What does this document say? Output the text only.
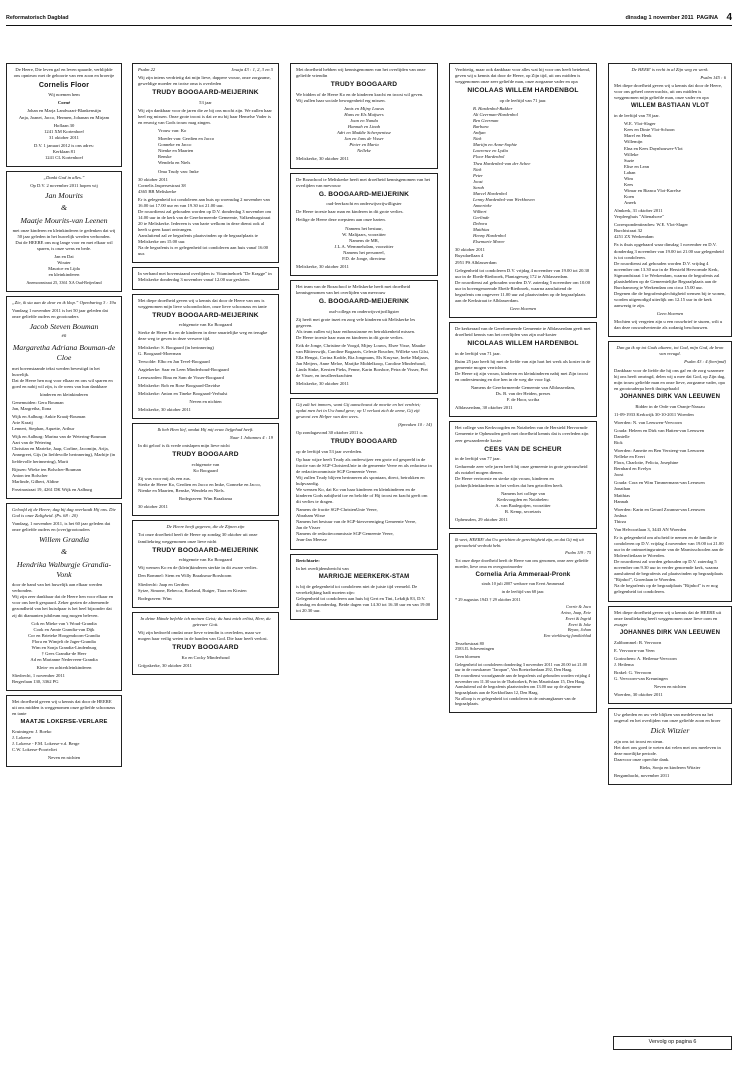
Reformatorisch Dagblad	dinsdag 1 november 2011 PAGINA 4

De Heere, Die leven gaf en leven spaarde, verblijdde ons opnieuw met de geboorte van een zoon en broertje

Cornelis Floor

Wij noemen hem

Corné

Johan en Marja Landwaart-Blankenstijn
Anja, Joanet, Jacco, Hermen, Johanan en Mirjam

Hoflaan 30
1241 XM Kortenhoef
31 oktober 2011

D.V. 1 januari 2012 is ons adres:
Kerklaan 81
1241 CL Kortenhoef

„Dankt God in alles.”

Op D.V. 2 november 2011 hopen wij

Jan Mourits
&
Maatje Mourits-van Leenen

met onze kinderen en kleinkinderen te gedenken dat wij 50 jaar geleden in het huwelijk werden verbonden.
Dat de HEERE ons nog lange voor en met elkaar wil sparen, is onze wens en bede.

Jan en Dai
Wouter
Maurice en Lijda
en kleinkinderen

Anemoonstraat 25, 3361 XA Oud-Beijerland

„Zie, ik sta aan de deur en ik klop.” Openbaring 3 : 19a

Vandaag 1 november 2011 is het 50 jaar geleden dat onze geliefde ouders en grootouders

Jacob Steven Bouman
en
Margaretha Adriana Bouman-de Cloe

met bovenstaande tekst werden bevestigd in het huwelijk.
Dat de Heere hen nog voor elkaar en ons wil sparen en goed en nabij wil zijn, is de wens van hun dankbare

kinderen en kleinkinderen

Genemuiden: Gera Bouman
Jan, Margretha, Ilona

Wijk en Aalburg: Ankie Kraaij-Bouman
Arie Kraaij
Lennert, Stephan, Aquette, Arthur

Wijk en Aalburg: Marina van de Wetering-Bouman
Aart van de Wetering
Christian en Marieke, Jaap, Corline, Jacomijn, Arija, Annegreet, Gijs (in liefdevolle herinnering), Marhije (in liefdevolle herinnering), Marit

Rijssen: Wieke ten Bolscher-Bouman
Anton ten Bolscher
Marlinde, Gilbert, Aldine

Frezinastraat 19, 4261 DK Wijk en Aalburg

Geloofd zij de Heere; dag bij dag overlaadt Hij ons. Die God is onze Zaligheid. (Ps. 68 : 20)

Vandaag, 1 november 2011, is het 60 jaar geleden dat onze geliefde ouders en (over)grootouders

Willem Grandia
&
Hendrika Walburgje Grandia-Vonk

door de band van het huwelijk aan elkaar werden verbonden.
Wij zijn zeer dankbaar dat de Heere hen voor elkaar en voor ons heeft gespaard. Zeker gezien de afnemende gezondheid van het huisdpaar is het heel bijzonder dat zij dit diamanten jubileum nog mogen beleven.

Cok en Mieke van 't Woud-Grandia
Cook en Annie Grandia-van Dijk
Cor en Brieteke Hoogendoorn-Grandia
Flora en Wimjelt de Jager-Grandia
Wim en Sonja Grandia-Lindenburg
† Gees Grandia-de Heer
Ad en Marianne Nederveen-Grandia

Klein- en achterkleinkinderen

Sliedrecht, 1 november 2011
Bergerlaan 130, 3362 PG

Met droefheid geven wij u kennis dat door de HEERE uit ons midden is weggenomen onze geliefde schoonzus en tante

MAATJE LOKERSE-VERLARE

Kruiningen: J. Boeko
J. Lokerse
J. Lokerse - F.M. Lokerse-v.d. Berge
C.W. Lokerse-Poortvliet

Neven en nichten

Psalm 22	Jesaja 43 : 1, 2, 3 en 5

Wij zijn intens verdrietig dat mijn lieve, dappere vrouw, onze zorgzame, geweldige moeder en trotse oma is overleden

TRUDY BOOGAARD-MEIJERINK

53 jaar

Wij zijn dankbaar voor de jaren die ze bij ons mocht zijn. We zullen haar heel erg missen. Onze grote troost is dat ze nu bij haar Hemelse Vader is en eeuwig van Gods trouw mag zingen.

Vrouw van: Ko

Moeder van: Gerdien en Jacco
Gonneke en Jacco
Nienke en Maarten
Renske
Wendela en Niels

Oma Trudy van: Imke

30 oktober 2011
Cornelis Jaspersestraat 38
4365 BB Meliskerke

Er is gelegenheid tot condoleren aan huis op woensdag 2 november van 16.00 tot 17.00 uur en van 19.30 tot 21.00 uur.
De rouwdienst zal gehouden worden op D.V. donderdag 3 november om 14.00 uur in de kerk van de Gereformeerde Gemeente, Valkenburgstraat 20 te Meliskerke. Iedereen is van harte welkom in deze dienst ook al heeft u geen kaart ontvangen.
Aansluitend zal ze begrafenis plaatsvinden op de begraafplaats te Meliskerke om 15.00 uur.
Na de begrafenis is er gelegenheid tot condoleren aan huis vanaf 16.00 uur.

In verband met bovenstaand overlijden is: Vitaminehoek "De Kragge" in Meliskerke donderdag 3 november vanaf 12.00 uur gesloten.

Met diepe droefheid geven wij u kennis dat door de Heere van ons is weggenomen mijn lieve schoondochter, onze lieve schoonzus en tante

TRUDY BOOGAARD-MEIJERINK

echtgenote van Ko Boogaard

Sterke de Heere Ko en de kinderen in deze smartelijke weg en terugke deze weg te geven in deze verwere tijd.

Meliskerke: S. Boogaard (in herinnering)
G. Boogaard-Moerman

Terwolde: Elbo en Jan Tevel-Boogaard

Aagtekerke: Saar en Leen Minderhoud-Boogaard

Leeuwarden: Bina en Sam de Visser-Boogaard

Meliskerke: Rob en Rose Boogaard-Davidse

Meliskerke: Anton en Tineke Boogaard-Verhulst

Neven en nichten

Meliskerke, 30 oktober 2011

Ik heb Hem lief, omdat Hij mij eeuw liefgehad heeft.

Naar 1 Johannes 4 : 19

In dit geloof is ik vrede ontslapen mijn lieve nicht

TRUDY BOOGAARD

echtgenote van
Ko Boogaard

Zij was voor mij als een zus.
Sterke de Heere Ko, Gerdien en Jacco en Imke, Gonneke en Jacco, Nienke en Maarten, Renske, Wendela en Niels.

Bodegraven: Wim Braaksma

30 oktober 2011

De Heere heeft gegeven, die de Zijnen zijn

Tot onze droefheid heeft de Heere op zondag 30 oktober uit onze familiekring weggenomen onze lieve nicht

TRUDY BOOGAARD-MEIJERINK

echtgenote van Ko Boogaard

Wij wensen Ko en de (klein)kinderen sterkte in dit zware verlies.

Den Bommel: Siem en Willy Braaksma-Borsboom

Sliedrecht: Jaap en Gerdien
Sytze, Simone, Rebecca, Roeland, Rutger, Tiara en Kirsten

Bodegraven: Wim

In deine Hände befehle ich meinen Geist; du hast mich erlöst, Herr, du getreuer Gott.

Wij zijn bedroefd omdat onze lieve vriendin is overleden, maar we mogen haar veilig weten in de handen van God. Die haar heeft verlost.

TRUDY BOOGAARD

Ko en Cocky Minderhoud

Grijpskerke, 30 oktober 2011

Met droefheid hebben wij kennisgenomen van het overlijden van onze geliefde vriendin

TRUDY BOOGAARD

We bidden of de Heere Ko en de kinderen kracht en troost wil geven.
Wij zullen haar sociale bewogenheid erg missen.

Janis en Mijny Louws
Hans en Els Muijsers
Joan en Nanda
Hannah en Linah
Adri en Maddie Scherpenisse
Jan en Jans de Visser
Pieter en Maria
Nelleke

Meliskerke, 30 oktober 2011

De Bozachool te Meliskerke heeft met droefheid kennisgenomen van het overlijden van mevrouw

G. BOOGAARD-MEIJERINK

oud-leerkracht en onderwijsvrijwilligster

De Heere troeste haar man en kinderen in dit grote verlies.

Heilige de Heere deze roepstem aan onze harten.

Namens het bestuur,
W. Malijaars, voorzitter
Namens de MR,
J.L.A. Wemmelsdam, voorzitter
Namens het personeel,
P.D. de Jonge, directeur

Meliskerke, 30 oktober 2011

Het team van de Bozachool te Meliskerke heeft met droefheid kennisgenomen van het overlijden van mevrouw

G. BOOGAARD-MEIJERINK

oud-collega en onderwijsvrijwilligster

Zij heeft met grote inzet en zorg vele kinderen uit Meliskerke les gegeven.
Als team zullen wij haar enthousiasme en betrokkenheid missen.
De Heere troeste haar man en kinderen in dit grote verlies.

Erik de Jonge, Christine de Voogd, Mijny Louws, Elsee Visse, Maaike van Blitterswijk, Caroline Bogaarts, Celeste Boucher, Willeke van Gilst, Ella Hengst, Corina Kodde, Ria Jongmans, Els Kruysse, Ineke Maljaars, Jan Meijers, Anne Meloe, Marijke Middelkoop, Caroline Minderhoud, Linda Sinke, Kersten Pieks, Fenne, Karin Borsboe, Petra de Visser, Piet de Visser, en invalleerkrachten

Meliskerke, 30 oktober 2011

Gij zult het immers, want Gij aanschouwt de moeite en het verdriet; opdat men het in Uw hand geve; op U verlaat zich de arme, Gij zijt geweest een Helper van den wees.

(Spreuken 10 : 14)

Op zondagavond 30 oktober 2011 is

TRUDY BOOGAARD

op de leeftijd van 53 jaar overleden.

Op haar wijze heeft Trudy als onderwijzer een grote rol gespeeld in de fractie van de SGP-ChristenUnie in de gemeente Veere en als redacteur in de redactiecommissie SGP Gemeente Veere.
Wij zullen Trudy blijven herinneren als spontaan, direct, betrokken en hulpvaardig.
We wensen Ko, dat Ko van haar kinderen en kleinkinderen en de kinderen Gods nabijheid toe en belofde of Hij troost en kracht geeft om dit verlies te dragen.

Namens de fractie SGP-ChristenUnie Veere,
Abraham Wisse
Namens het bestuur van de SGP-kiesvereniging Gemeente Veere,
Jan de Visser
Namens de redactiecommissie SGP Gemeente Veere,
Jean-Jan Meesse

Berichtarie:

In het overlijdensbericht van

MARRIGJE MEERKERK-STAM

is bij de gelegenheid tot condoleren niet de juiste tijd vermeld. De verrekelijking hadt moeten zijn:
Gelegenheid tot condoleren aan huis bij Gert en Tini, Lekdijk 83, D.V. dinsdag en donderdag. Beide dagen van 14.30 tot 16.30 uur en van 19.00 tot 20.30 uur.

Verdrietig, maar ook dankbaar voor alles wat hij voor ons heeft betekend, geven wij u kennis dat door de Heere, op Zijn tijd, uit ons midden is weggenomen onze zeer geliefde man, onze zorgzame vader en opa

NICOLAAS WILLEM HARDENBOL

op de leeftijd van 71 jaar.

B. Hardenbol-Bakker
Ali Geerman-Hardenbol
Ben Geerman
Barbara
Ardjan
Niek
Martijn en Anne-Sophie
Lawrence en Lydia
Floor Hardenbol
Thea Hardenbol-van der Schee
Niek
Peter
Joost
Sarah
Marcel Hardenbol
Lenny Hardenbol-van Werkhoven
Annerieke
Wilbert
Gerlinde
Debora
Matthias
Henny Hardenbol
Elsemarie Moree

30 oktober 2011
Ruysdaellaan 4
2951 PS Alblasserdam

Gelegenheid tot condoleren D.V. vrijdag 4 november van 19.00 tot 20.30 uur in de Ebeth-Rietbroek, Plantageweg 172 te Alblasserdam.
De rouwdienst zal gehouden worden D.V. zaterdag 5 november om 10.00 uur in bovengenoemde Ebeth-Rietbroek, waarna aansluitend de begrafenis om ongeveer 11.00 uur zal plaatsvinden op de begraafplaats aan de Kerkstraat te Alblasserdam.

Geen bloemen

De kerkeraad van de Gereformeerde Gemeente te Alblasserdam geeft met droefheid kennis van het overlijden van zijn oud-koster

NICOLAAS WILLEM HARDENBOL

in de leeftijd van 71 jaar.

Ruim 25 jaar heeft hij met de liefde van zijn hart het werk als koster in de gemeente mogen verrichten.
De Heere zij zijn vrouw, kinderen en kleinkinderen nabij met Zijn troost en ondersteuning en doe hen in de weg die voor ligt.

Namens de Gereformeerde Gemeente van Alblasserdam,
Ds. B. van der Heiden, preses
F. de Hoor, scriba

Alblasserdam, 30 oktober 2011

Het college van Kerkvoogden en Notabelen van de Hersteld Hervormde Gemeente te Opheusden geeft met droefheid kennis dat is overleden zijn zeer gewaardeerde koster

CEES VAN DE SCHEUR

in de leeftijd van 77 jaar.

Gedurende zeer vele jaren heeft hij onze gemeente in grote getrouwheid als notabel mogen dienen.
De Heere vertroeste en sterke zijn vrouw, kinderen en (achter)kleinkinderen in het verlies dat hen getroffen heeft.

Namens het college van
Kerkvoogden en Notabelen:
A. van Baalegoijen, voorzitter
B. Kemp, secretaris

Opheusden, 29 oktober 2011

Ik weet, HEERE! dat Uw gerichten de gerechtigheid zijn, en dat Gij mij uit getrouwheid verdrukt hebt.

Psalm 119 : 75

Tot onze diepe droefheid heeft de Heere van ons genomen, onze zeer geliefde moeder, lieve oma en overgrootmoeder

Cornelia Aria Ammeraal-Pronk

sinds 10 juli 2007 weduwe van Evert Ammeraal

in de leeftijd van 68 jaar.

* 29 augustus 1943	† 29 oktober 2011

Corrie & Jaco
Arina, Jaap, Evie
Evert & Ingrid
Evert & Joke
Bryan, Johan
Een vierkleurig familieblad

Tesselsestraat 80
2583 JL Scheveningen

Geen bloemen

Gelegenheid tot condoleren donderdag 3 november 2011 van 20.00 tot 21.00 uur in de rouwkamer "Jaropan", Van Boetzelaerlaan 292, Den Haag.
De rouwdienst voorafgaande aan de begrafenis zal gehouden worden vrijdag 4 november om 11.30 uur in de Thaborkerk, Prins Mauritslaan 15, Den Haag.
Aansluitend zal de begrafenis plaatsvinden om 13.00 uur op de algemene begraafplaats aan de Kerkhoflaan 12, Den Haag.
Na afloop is er gelegenheid tot condoleren in de ontvangkamer van de begraafplaats.

De HEER' is recht in al Zijn weg en werk.

Psalm 145 : 6

Met diepe droefheid geven wij u kennis dat door de Heere, voor ons geheel onverwachts, uit ons midden is weggenomen mijn geliefde man, onze vader en opa

WILLEM BASTIAAN VLOT

in de leeftijd van 78 jaar.

W.E. Vlot-Slager
Kees en Dinie Vlot-Schoon
Marel en Henk
Willemijn
Elna en Kees Daynhouwer-Vlot
Willeke
Suzie
Elise en Lean
Laban
Wim
Kees
Wimar en Bianca Vlot-Karelse
Koen
Aneek

Almkerk, 31 oktober 2011
Verpleeghuis "Altenahove"

Correspondentieadres: W.E. Vlot-Slager
Burchtstraat 32
4251 ZX Werkendam

Pa is thuis opgebaard waar dinsdag 1 november en D.V. donderdag 3 november van 19.00 tot 21.00 uur gelegenheid is tot condoleren.
De rouwdienst zal gehouden worden D.V. vrijdag 4 november om 13.30 uur in de Hersteld Hervormde Kerk, Sigmondstraat 1 te Werkendam, waarna de begrafenis zal plaatshebben op de Gemeentelijke Begraafplaats aan de Burchamweg te Werkendam om circa 15.00 uur.
Degenen die de begrafenisplechtigheid wensen bij te wonen, worden uitgenodigd uiterlijk om 12.15 uur in de kerk aanwezig te zijn.

Geen bloemen

Mochten wij vergeten zijn u een rouwbrief te sturen, wilt u dan deze rouwadvertentie als zodanig beschouwen.

Dan ga ik op tot Gods altaren, tot God, mijn God, de bron van vreugd.

Psalm 43 : 4 (berijmd)

Dankbaar voor de liefde die hij ons gaf en de zorg waarmee hij ons heeft omringd, delen wij u mee dat God, op Zijn dag, mijn trouw geliefde man en onze lieve, zorgzame vader, opa en grootouderpa heeft thuisgehaald

JOHANNES DIRK VAN LEEUWEN

Ridder in de Orde van Oranje-Nassau

11-09-1933 Kerkwijk 30-10-2011 Woerden

Woerden: N. van Leeuwen-Vervoorn

Gouda: Heleen en Dirk van Hatten-van Leeuwen
Danielle
Rick

Woerden: Annette en Ben Versteeg-van Leeuwen
Nelleke en Evert
Flora, Charlotte, Felicia, Josephine
Bernhard en Evelyn
Joost

Gouda: Cora en Wim Timmermans-van Leeuwen
Jonathan
Matthias
Hannah

Woerden: Karin en Gerard Zwanna-van Leeuwen
Joshua
Thirza

Van Helvoortlaan 3, 3443 AN Woerden

Er is gelegenheid om afscheid te nemen en de familie te condoleren op D.V. vrijdag 4 november van 19.00 tot 21.00 uur in de ontmoetingsruimte van de Marnixschoolen aan de Molenvlietlaan te Woerden.
De rouwdienst zal worden gehouden op D.V. zaterdag 5 november om 9.30 uur in verder genoemde kerk, waarna aansluitend de begrafenis zal plaatsvinden op begraafplaats "Rijnhof", Groenlaan te Woerden.
Na de begrafenis op de begraafplaats "Rijnhof" is er nog gelegenheid tot condoleren.

Met diepe droefheid geven wij u kennis dat de HEERE uit onze familiekring heeft weggenomen onze lieve oom en zwager

JOHANNES DIRK VAN LEEUWEN

Zaltbommel: B. Vervoorn

E. Vervoorn-van Veen

Gorinchem: A. Heilema-Vervoorn
J. Heilema

Brakel: G. Vervoorn
G. Vervoorn-van Kreuningen

Neven en nichten

Woerden, 30 oktober 2011

Uw gebeden en uw vele blijken van medeleven na het ongeval en het overlijden van onze geliefde zoon en broer

Dick Witzier

zijn ons tot troost en steun.
Het doet ons goed te weten dat velen met ons meeleven in deze moeilijke periode.
Daarvoor onze oprechte dank.

Rieks, Sonja en kinderen Witzier

Bergambacht, november 2011

Vervolg op pagina 6
